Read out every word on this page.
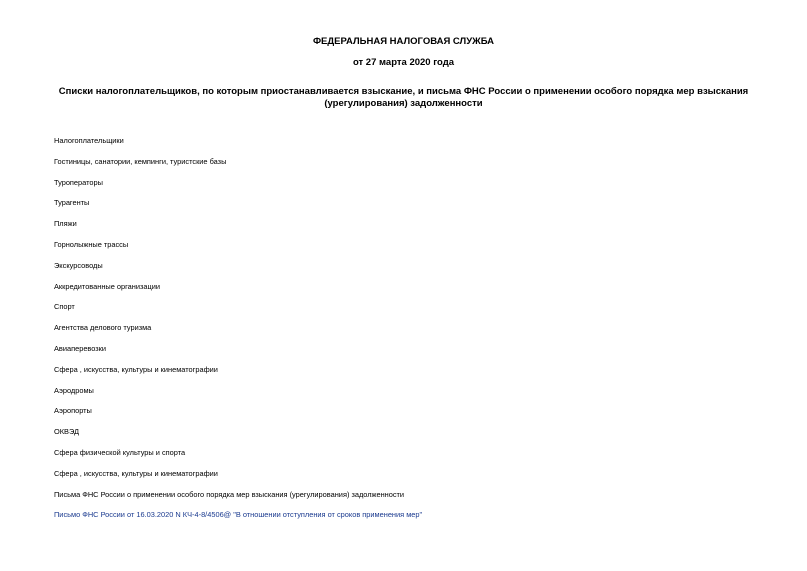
ФЕДЕРАЛЬНАЯ НАЛОГОВАЯ СЛУЖБА
от 27 марта 2020 года
Списки налогоплательщиков, по которым приостанавливается взыскание, и письма ФНС России о применении особого порядка мер взыскания (урегулирования) задолженности
Налогоплательщики
Гостиницы, санатории, кемпинги, туристские базы
Туроператоры
Турагенты
Пляжи
Горнолыжные трассы
Экскурсоводы
Аккредитованные организации
Спорт
Агентства делового туризма
Авиаперевозки
Сфера , искусства, культуры и кинематографии
Аэродромы
Аэропорты
ОКВЭД
Сфера физической культуры и спорта
Сфера , искусства, культуры и кинематографии
Письма ФНС России о применении особого порядка мер взыскания (урегулирования) задолженности
Письмо ФНС России от 16.03.2020 N КЧ-4-8/4506@ "В отношении отступления от сроков применения мер"
